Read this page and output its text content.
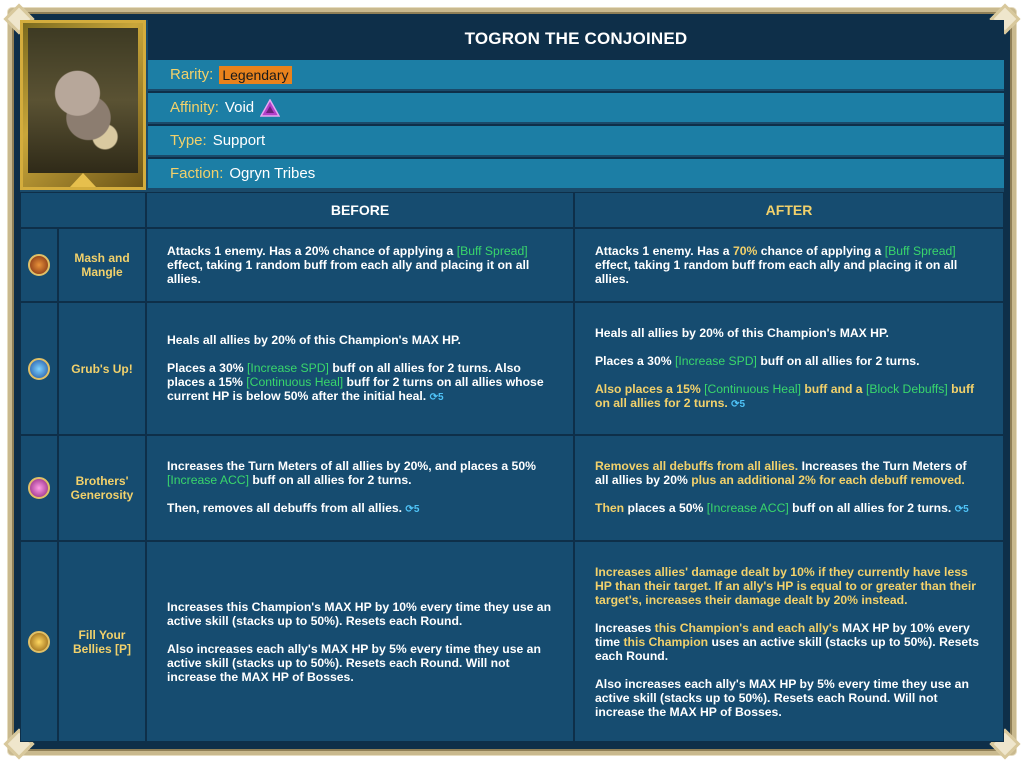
TOGRON THE CONJOINED
Rarity: Legendary
Affinity: Void
Type: Support
Faction: Ogryn Tribes
BEFORE	AFTER
Mash and Mangle

Attacks 1 enemy. Has a 20% chance of applying a [Buff Spread] effect, taking 1 random buff from each ally and placing it on all allies.

Attacks 1 enemy. Has a 70% chance of applying a [Buff Spread] effect, taking 1 random buff from each ally and placing it on all allies.

Grub's Up!

Heals all allies by 20% of this Champion's MAX HP.

Places a 30% [Increase SPD] buff on all allies for 2 turns. Also places a 15% [Continuous Heal] buff for 2 turns on all allies whose current HP is below 50% after the initial heal. ⟳5

Heals all allies by 20% of this Champion's MAX HP.

Places a 30% [Increase SPD] buff on all allies for 2 turns.

Also places a 15% [Continuous Heal] buff and a [Block Debuffs] buff on all allies for 2 turns. ⟳5

Brothers' Generosity

Increases the Turn Meters of all allies by 20%, and places a 50% [Increase ACC] buff on all allies for 2 turns.

Then, removes all debuffs from all allies. ⟳5

Removes all debuffs from all allies. Increases the Turn Meters of all allies by 20% plus an additional 2% for each debuff removed.

Then places a 50% [Increase ACC] buff on all allies for 2 turns. ⟳5

Fill Your Bellies [P]

Increases this Champion's MAX HP by 10% every time they use an active skill (stacks up to 50%). Resets each Round.

Also increases each ally's MAX HP by 5% every time they use an active skill (stacks up to 50%). Resets each Round. Will not increase the MAX HP of Bosses.

Increases allies' damage dealt by 10% if they currently have less HP than their target. If an ally's HP is equal to or greater than their target's, increases their damage dealt by 20% instead.

Increases this Champion's and each ally's MAX HP by 10% every time this Champion uses an active skill (stacks up to 50%). Resets each Round.

Also increases each ally's MAX HP by 5% every time they use an active skill (stacks up to 50%). Resets each Round. Will not increase the MAX HP of Bosses.
